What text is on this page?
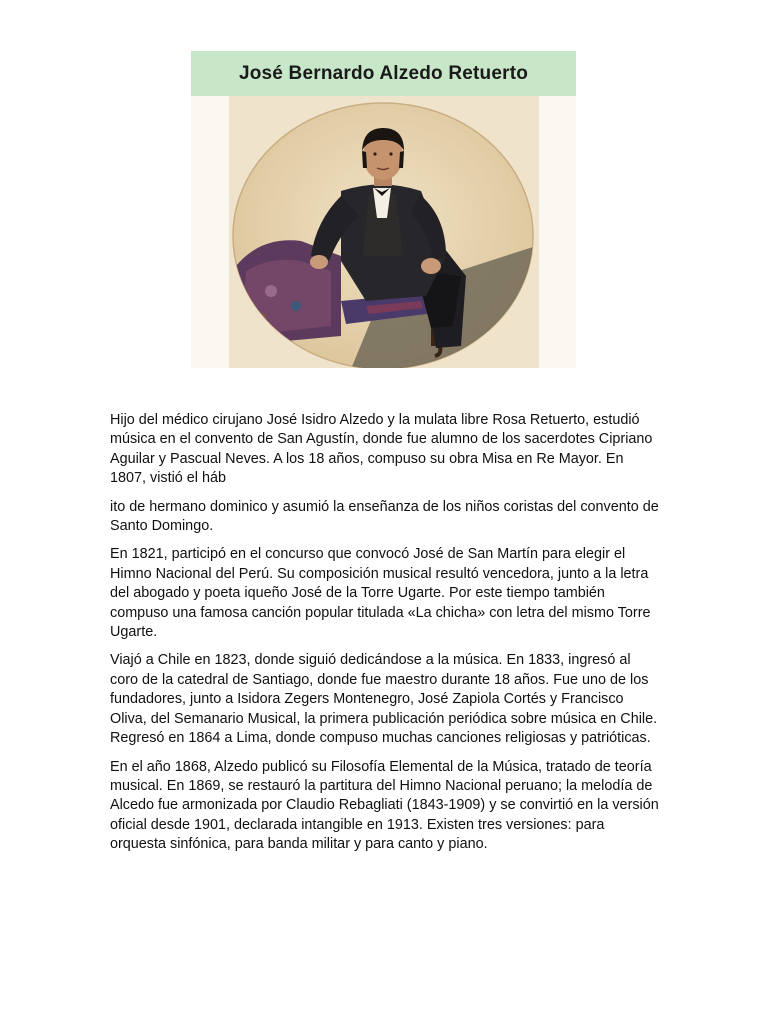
José Bernardo Alzedo Retuerto

Hijo del médico cirujano José Isidro Alzedo y la mulata libre Rosa Retuerto, estudió música en el convento de San Agustín, donde fue alumno de los sacerdotes Cipriano Aguilar y Pascual Neves. A los 18 años, compuso su obra Misa en Re Mayor. En 1807, vistió el háb

ito de hermano dominico y asumió la enseñanza de los niños coristas del convento de Santo Domingo.

En 1821, participó en el concurso que convocó José de San Martín para elegir el Himno Nacional del Perú. Su composición musical resultó vencedora, junto a la letra del abogado y poeta iqueño José de la Torre Ugarte. Por este tiempo también compuso una famosa canción popular titulada «La chicha» con letra del mismo Torre Ugarte.

Viajó a Chile en 1823, donde siguió dedicándose a la música. En 1833, ingresó al coro de la catedral de Santiago, donde fue maestro durante 18 años. Fue uno de los fundadores, junto a Isidora Zegers Montenegro, José Zapiola Cortés y Francisco Oliva, del Semanario Musical, la primera publicación periódica sobre música en Chile. Regresó en 1864 a Lima, donde compuso muchas canciones religiosas y patrióticas.

En el año 1868, Alzedo publicó su Filosofía Elemental de la Música, tratado de teoría musical. En 1869, se restauró la partitura del Himno Nacional peruano; la melodía de Alcedo fue armonizada por Claudio Rebagliati (1843-1909) y se convirtió en la versión oficial desde 1901, declarada intangible en 1913. Existen tres versiones: para orquesta sinfónica, para banda militar y para canto y piano.
